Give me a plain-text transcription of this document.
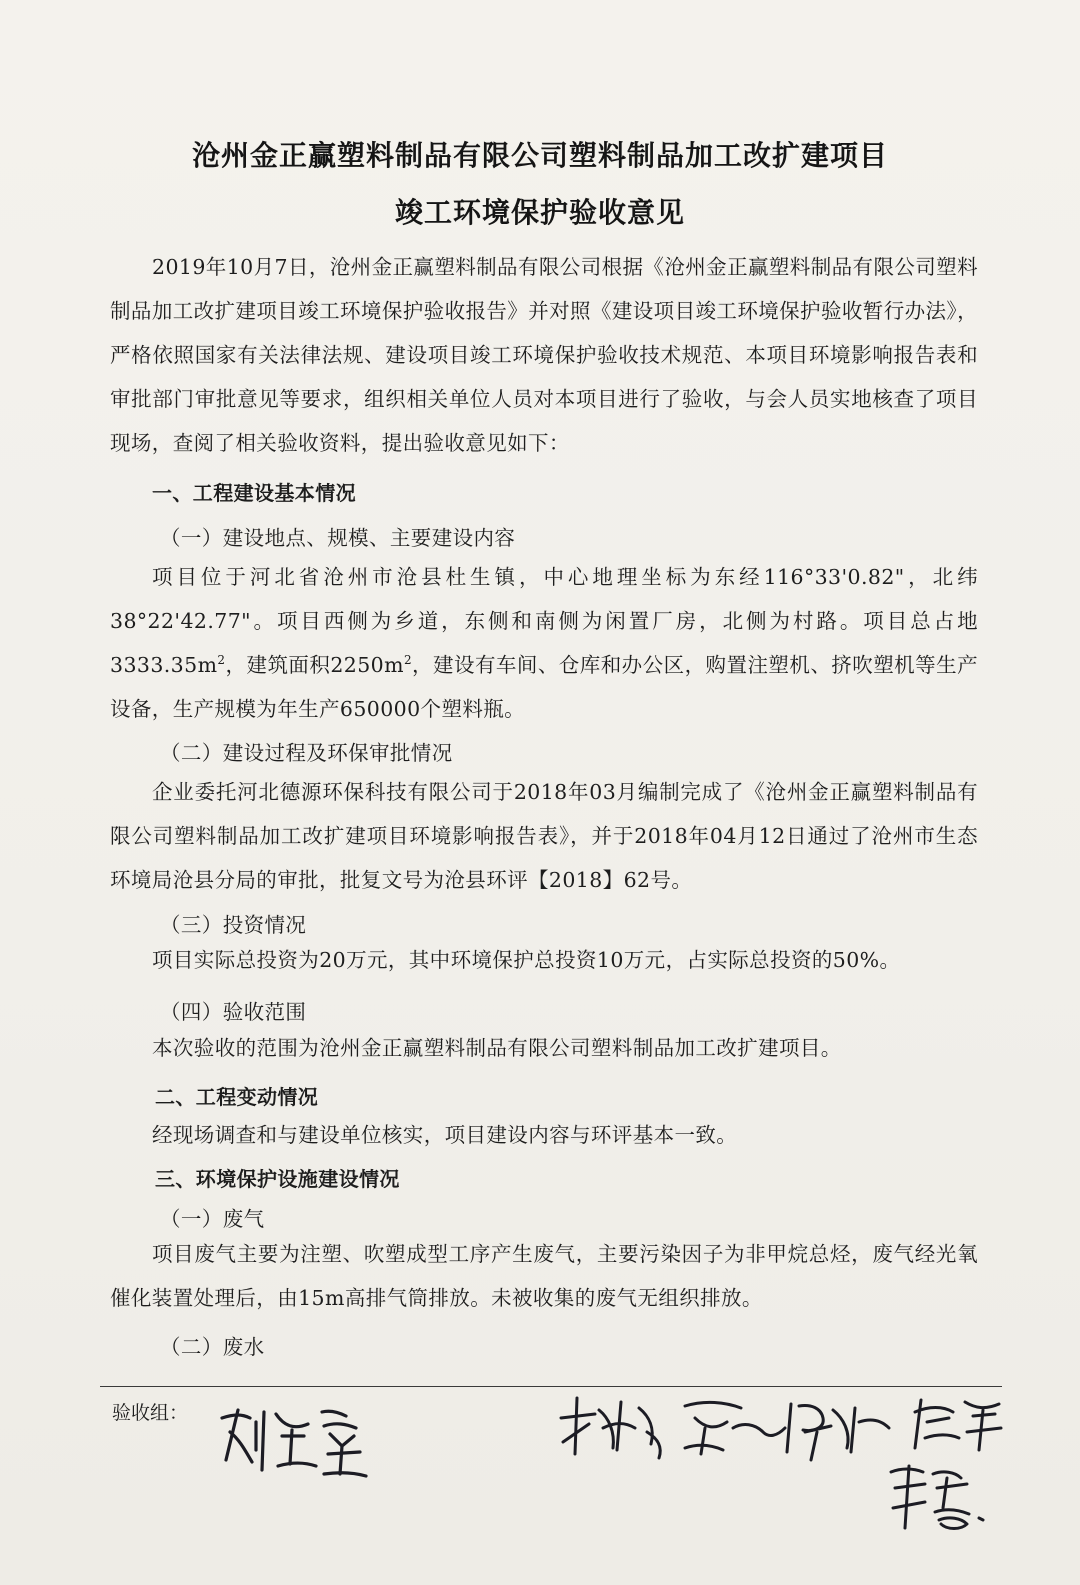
沧州金正赢塑料制品有限公司塑料制品加工改扩建项目
竣工环境保护验收意见

2019年10月7日，沧州金正赢塑料制品有限公司根据《沧州金正赢塑料制品有限公司塑料制品加工改扩建项目竣工环境保护验收报告》并对照《建设项目竣工环境保护验收暂行办法》，严格依照国家有关法律法规、建设项目竣工环境保护验收技术规范、本项目环境影响报告表和审批部门审批意见等要求，组织相关单位人员对本项目进行了验收，与会人员实地核查了项目现场，查阅了相关验收资料，提出验收意见如下：

一、工程建设基本情况
（一）建设地点、规模、主要建设内容

项目位于河北省沧州市沧县杜生镇，中心地理坐标为东经116°33'0.82"，北纬38°22'42.77"。项目西侧为乡道，东侧和南侧为闲置厂房，北侧为村路。项目总占地$3333.35m^2$，建筑面积$2250m^2$，建设有车间、仓库和办公区，购置注塑机、挤吹塑机等生产设备，生产规模为年生产650000个塑料瓶。

（二）建设过程及环保审批情况

企业委托河北德源环保科技有限公司于2018年03月编制完成了《沧州金正赢塑料制品有限公司塑料制品加工改扩建项目环境影响报告表》，并于2018年04月12日通过了沧州市生态环境局沧县分局的审批，批复文号为沧县环评【2018】62号。

（三）投资情况

项目实际总投资为20万元，其中环境保护总投资10万元，占实际总投资的50%。

（四）验收范围

本次验收的范围为沧州金正赢塑料制品有限公司塑料制品加工改扩建项目。

二、工程变动情况

经现场调查和与建设单位核实，项目建设内容与环评基本一致。

三、环境保护设施建设情况
（一）废气

项目废气主要为注塑、吹塑成型工序产生废气，主要污染因子为非甲烷总烃，废气经光氧催化装置处理后，由15m高排气筒排放。未被收集的废气无组织排放。

（二）废水
验收组：
